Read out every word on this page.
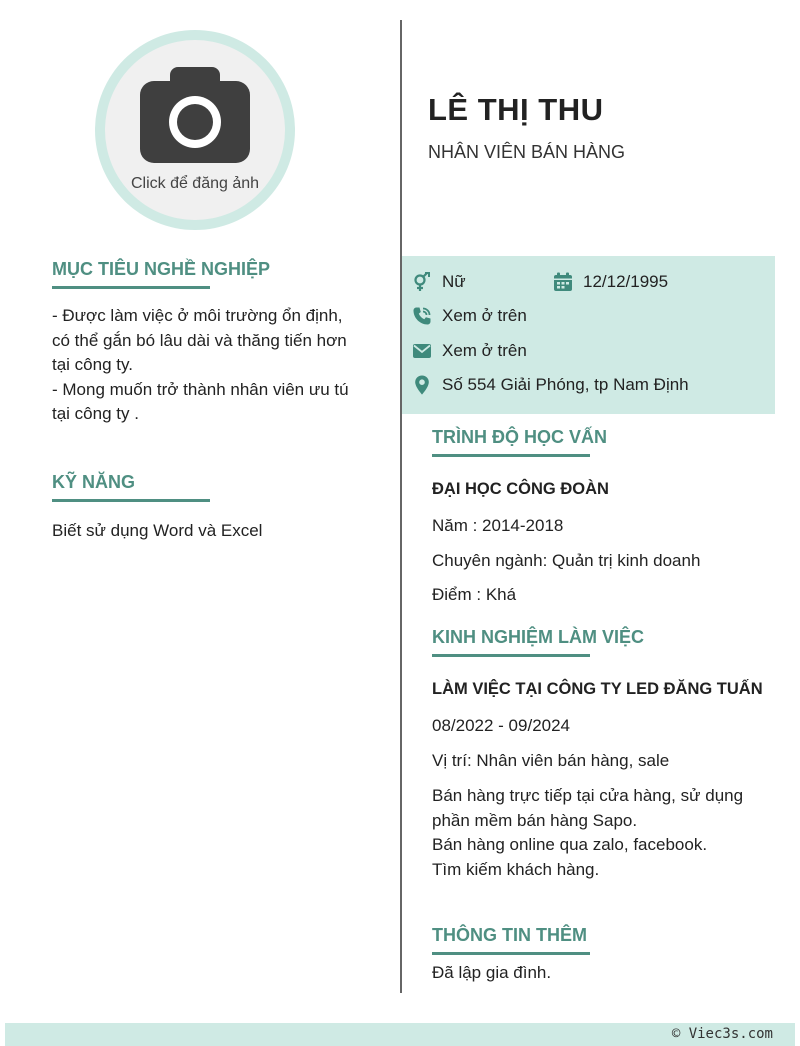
Click để đăng ảnh
MỤC TIÊU NGHỀ NGHIỆP

- Được làm việc ở môi trường ổn định,
có thể gắn bó lâu dài và thăng tiến hơn
tại công ty.
- Mong muốn trở thành nhân viên ưu tú
tại công ty .

KỸ NĂNG

Biết sử dụng Word và Excel

LÊ THỊ THU
NHÂN VIÊN BÁN HÀNG
Nữ	12/12/1995
Xem ở trên
Xem ở trên
Số 554 Giải Phóng, tp Nam Định
TRÌNH ĐỘ HỌC VẤN
ĐẠI HỌC CÔNG ĐOÀN
Năm : 2014-2018
Chuyên ngành: Quản trị kinh doanh
Điểm : Khá
KINH NGHIỆM LÀM VIỆC
LÀM VIỆC TẠI CÔNG TY LED ĐĂNG TUẤN
08/2022 - 09/2024
Vị trí: Nhân viên bán hàng, sale
Bán hàng trực tiếp tại cửa hàng, sử dụng
phần mềm bán hàng Sapo.
Bán hàng online qua zalo, facebook.
Tìm kiếm khách hàng.
THÔNG TIN THÊM
Đã lập gia đình.
© Viec3s.com
